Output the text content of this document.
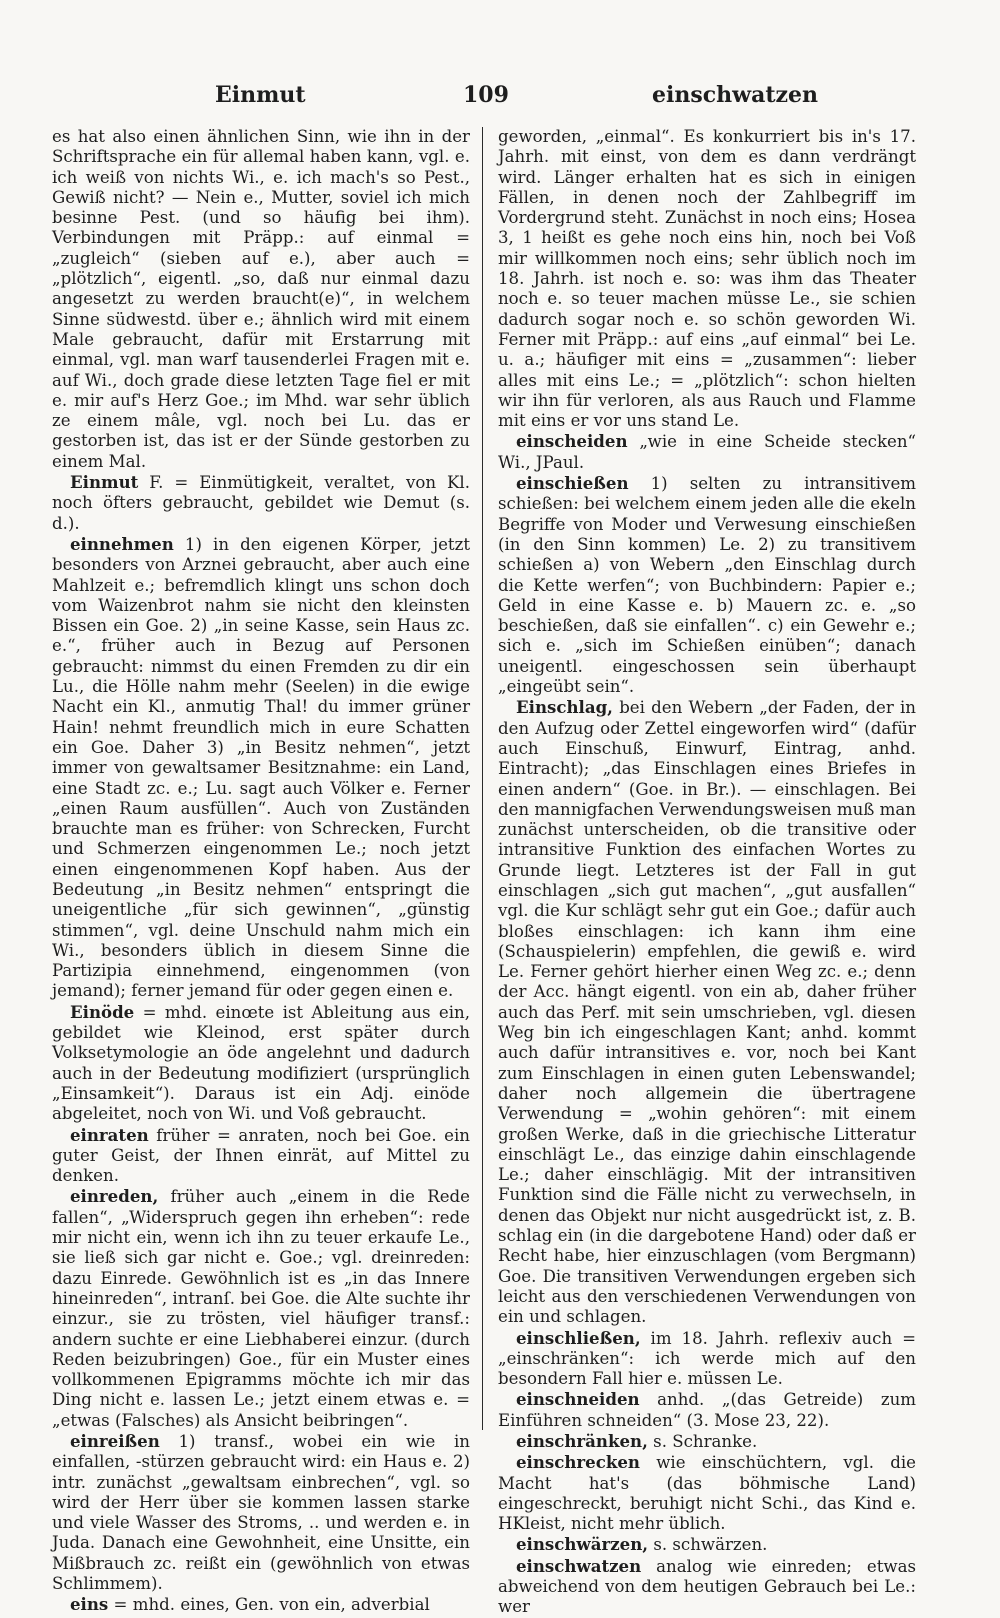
Einmut	109	einschwatzen

es hat also einen ähnlichen Sinn, wie ihn in der Schriftsprache ein für allemal haben kann, vgl. e. ich weiß von nichts Wi., e. ich mach's so Pest., Gewiß nicht? — Nein e., Mutter, soviel ich mich besinne Pest. (und so häufig bei ihm). Verbindungen mit Präpp.: auf einmal = „zugleich“ (sieben auf e.), aber auch = „plötzlich“, eigentl. „so, daß nur einmal dazu angesetzt zu werden braucht(e)“, in welchem Sinne südwestd. über e.; ähnlich wird mit einem Male gebraucht, dafür mit Erstarrung mit einmal, vgl. man warf tausenderlei Fragen mit e. auf Wi., doch grade diese letzten Tage fiel er mit e. mir auf's Herz Goe.; im Mhd. war sehr üblich ze einem mâle, vgl. noch bei Lu. das er gestorben ist, das ist er der Sünde gestorben zu einem Mal.

Einmut F. = Einmütigkeit, veraltet, von Kl. noch öfters gebraucht, gebildet wie Demut (s. d.).

einnehmen 1) in den eigenen Körper, jetzt besonders von Arznei gebraucht, aber auch eine Mahlzeit e.; befremdlich klingt uns schon doch vom Waizenbrot nahm sie nicht den kleinsten Bissen ein Goe. 2) „in seine Kasse, sein Haus zc. e.“, früher auch in Bezug auf Personen gebraucht: nimmst du einen Fremden zu dir ein Lu., die Hölle nahm mehr (Seelen) in die ewige Nacht ein Kl., anmutig Thal! du immer grüner Hain! nehmt freundlich mich in eure Schatten ein Goe. Daher 3) „in Besitz nehmen“, jetzt immer von gewaltsamer Besitznahme: ein Land, eine Stadt zc. e.; Lu. sagt auch Völker e. Ferner „einen Raum ausfüllen“. Auch von Zuständen brauchte man es früher: von Schrecken, Furcht und Schmerzen eingenommen Le.; noch jetzt einen eingenommenen Kopf haben. Aus der Bedeutung „in Besitz nehmen“ entspringt die uneigentliche „für sich gewinnen“, „günstig stimmen“, vgl. deine Unschuld nahm mich ein Wi., besonders üblich in diesem Sinne die Partizipia einnehmend, eingenommen (von jemand); ferner jemand für oder gegen einen e.

Einöde = mhd. einœte ist Ableitung aus ein, gebildet wie Kleinod, erst später durch Volksetymologie an öde angelehnt und dadurch auch in der Bedeutung modifiziert (ursprünglich „Einsamkeit“). Daraus ist ein Adj. einöde abgeleitet, noch von Wi. und Voß gebraucht.

einraten früher = anraten, noch bei Goe. ein guter Geist, der Ihnen einrät, auf Mittel zu denken.

einreden, früher auch „einem in die Rede fallen“, „Widerspruch gegen ihn erheben“: rede mir nicht ein, wenn ich ihn zu teuer erkaufe Le., sie ließ sich gar nicht e. Goe.; vgl. dreinreden: dazu Einrede. Gewöhnlich ist es „in das Innere hineinreden“, intranſ. bei Goe. die Alte suchte ihr einzur., sie zu trösten, viel häufiger transf.: andern suchte er eine Liebhaberei einzur. (durch Reden beizubringen) Goe., für ein Muster eines vollkommenen Epigramms möchte ich mir das Ding nicht e. lassen Le.; jetzt einem etwas e. = „etwas (Falsches) als Ansicht beibringen“.

einreißen 1) transf., wobei ein wie in einfallen, -stürzen gebraucht wird: ein Haus e. 2) intr. zunächst „gewaltsam einbrechen“, vgl. so wird der Herr über sie kommen lassen starke und viele Wasser des Stroms, .. und werden e. in Juda. Danach eine Gewohnheit, eine Unsitte, ein Mißbrauch zc. reißt ein (gewöhnlich von etwas Schlimmem).

eins = mhd. eines, Gen. von ein, adverbial

geworden, „einmal“. Es konkurriert bis in's 17. Jahrh. mit einst, von dem es dann verdrängt wird. Länger erhalten hat es sich in einigen Fällen, in denen noch der Zahlbegriff im Vordergrund steht. Zunächst in noch eins; Hosea 3, 1 heißt es gehe noch eins hin, noch bei Voß mir willkommen noch eins; sehr üblich noch im 18. Jahrh. ist noch e. so: was ihm das Theater noch e. so teuer machen müsse Le., sie schien dadurch sogar noch e. so schön geworden Wi. Ferner mit Präpp.: auf eins „auf einmal“ bei Le. u. a.; häufiger mit eins = „zusammen“: lieber alles mit eins Le.; = „plötzlich“: schon hielten wir ihn für verloren, als aus Rauch und Flamme mit eins er vor uns stand Le.

einscheiden „wie in eine Scheide stecken“ Wi., JPaul.

einschießen 1) selten zu intransitivem schießen: bei welchem einem jeden alle die ekeln Begriffe von Moder und Verwesung einschießen (in den Sinn kommen) Le. 2) zu transitivem schießen a) von Webern „den Einschlag durch die Kette werfen“; von Buchbindern: Papier e.; Geld in eine Kasse e. b) Mauern zc. e. „so beschießen, daß sie einfallen“. c) ein Gewehr e.; sich e. „sich im Schießen einüben“; danach uneigentl. eingeschossen sein überhaupt „eingeübt sein“.

Einschlag, bei den Webern „der Faden, der in den Aufzug oder Zettel eingeworfen wird“ (dafür auch Einschuß, Einwurf, Eintrag, anhd. Eintracht); „das Einschlagen eines Briefes in einen andern“ (Goe. in Br.). — einschlagen. Bei den mannigfachen Verwendungsweisen muß man zunächst unterscheiden, ob die transitive oder intransitive Funktion des einfachen Wortes zu Grunde liegt. Letzteres ist der Fall in gut einschlagen „sich gut machen“, „gut ausfallen“ vgl. die Kur schlägt sehr gut ein Goe.; dafür auch bloßes einschlagen: ich kann ihm eine (Schauspielerin) empfehlen, die gewiß e. wird Le. Ferner gehört hierher einen Weg zc. e.; denn der Acc. hängt eigentl. von ein ab, daher früher auch das Perf. mit sein umschrieben, vgl. diesen Weg bin ich eingeschlagen Kant; anhd. kommt auch dafür intransitives e. vor, noch bei Kant zum Einschlagen in einen guten Lebenswandel; daher noch allgemein die übertragene Verwendung = „wohin gehören“: mit einem großen Werke, daß in die griechische Litteratur einschlägt Le., das einzige dahin einschlagende Le.; daher einschlägig. Mit der intransitiven Funktion sind die Fälle nicht zu verwechseln, in denen das Objekt nur nicht ausgedrückt ist, z. B. schlag ein (in die dargebotene Hand) oder daß er Recht habe, hier einzuschlagen (vom Bergmann) Goe. Die transitiven Verwendungen ergeben sich leicht aus den verschiedenen Verwendungen von ein und schlagen.

einschließen, im 18. Jahrh. reflexiv auch = „einschränken“: ich werde mich auf den besondern Fall hier e. müssen Le.

einschneiden anhd. „(das Getreide) zum Einführen schneiden“ (3. Mose 23, 22).

einschränken, s. Schranke.

einschrecken wie einschüchtern, vgl. die Macht hat's (das böhmische Land) eingeschreckt, beruhigt nicht Schi., das Kind e. HKleist, nicht mehr üblich.

einschwärzen, s. schwärzen.

einschwatzen analog wie einreden; etwas abweichend von dem heutigen Gebrauch bei Le.: wer
